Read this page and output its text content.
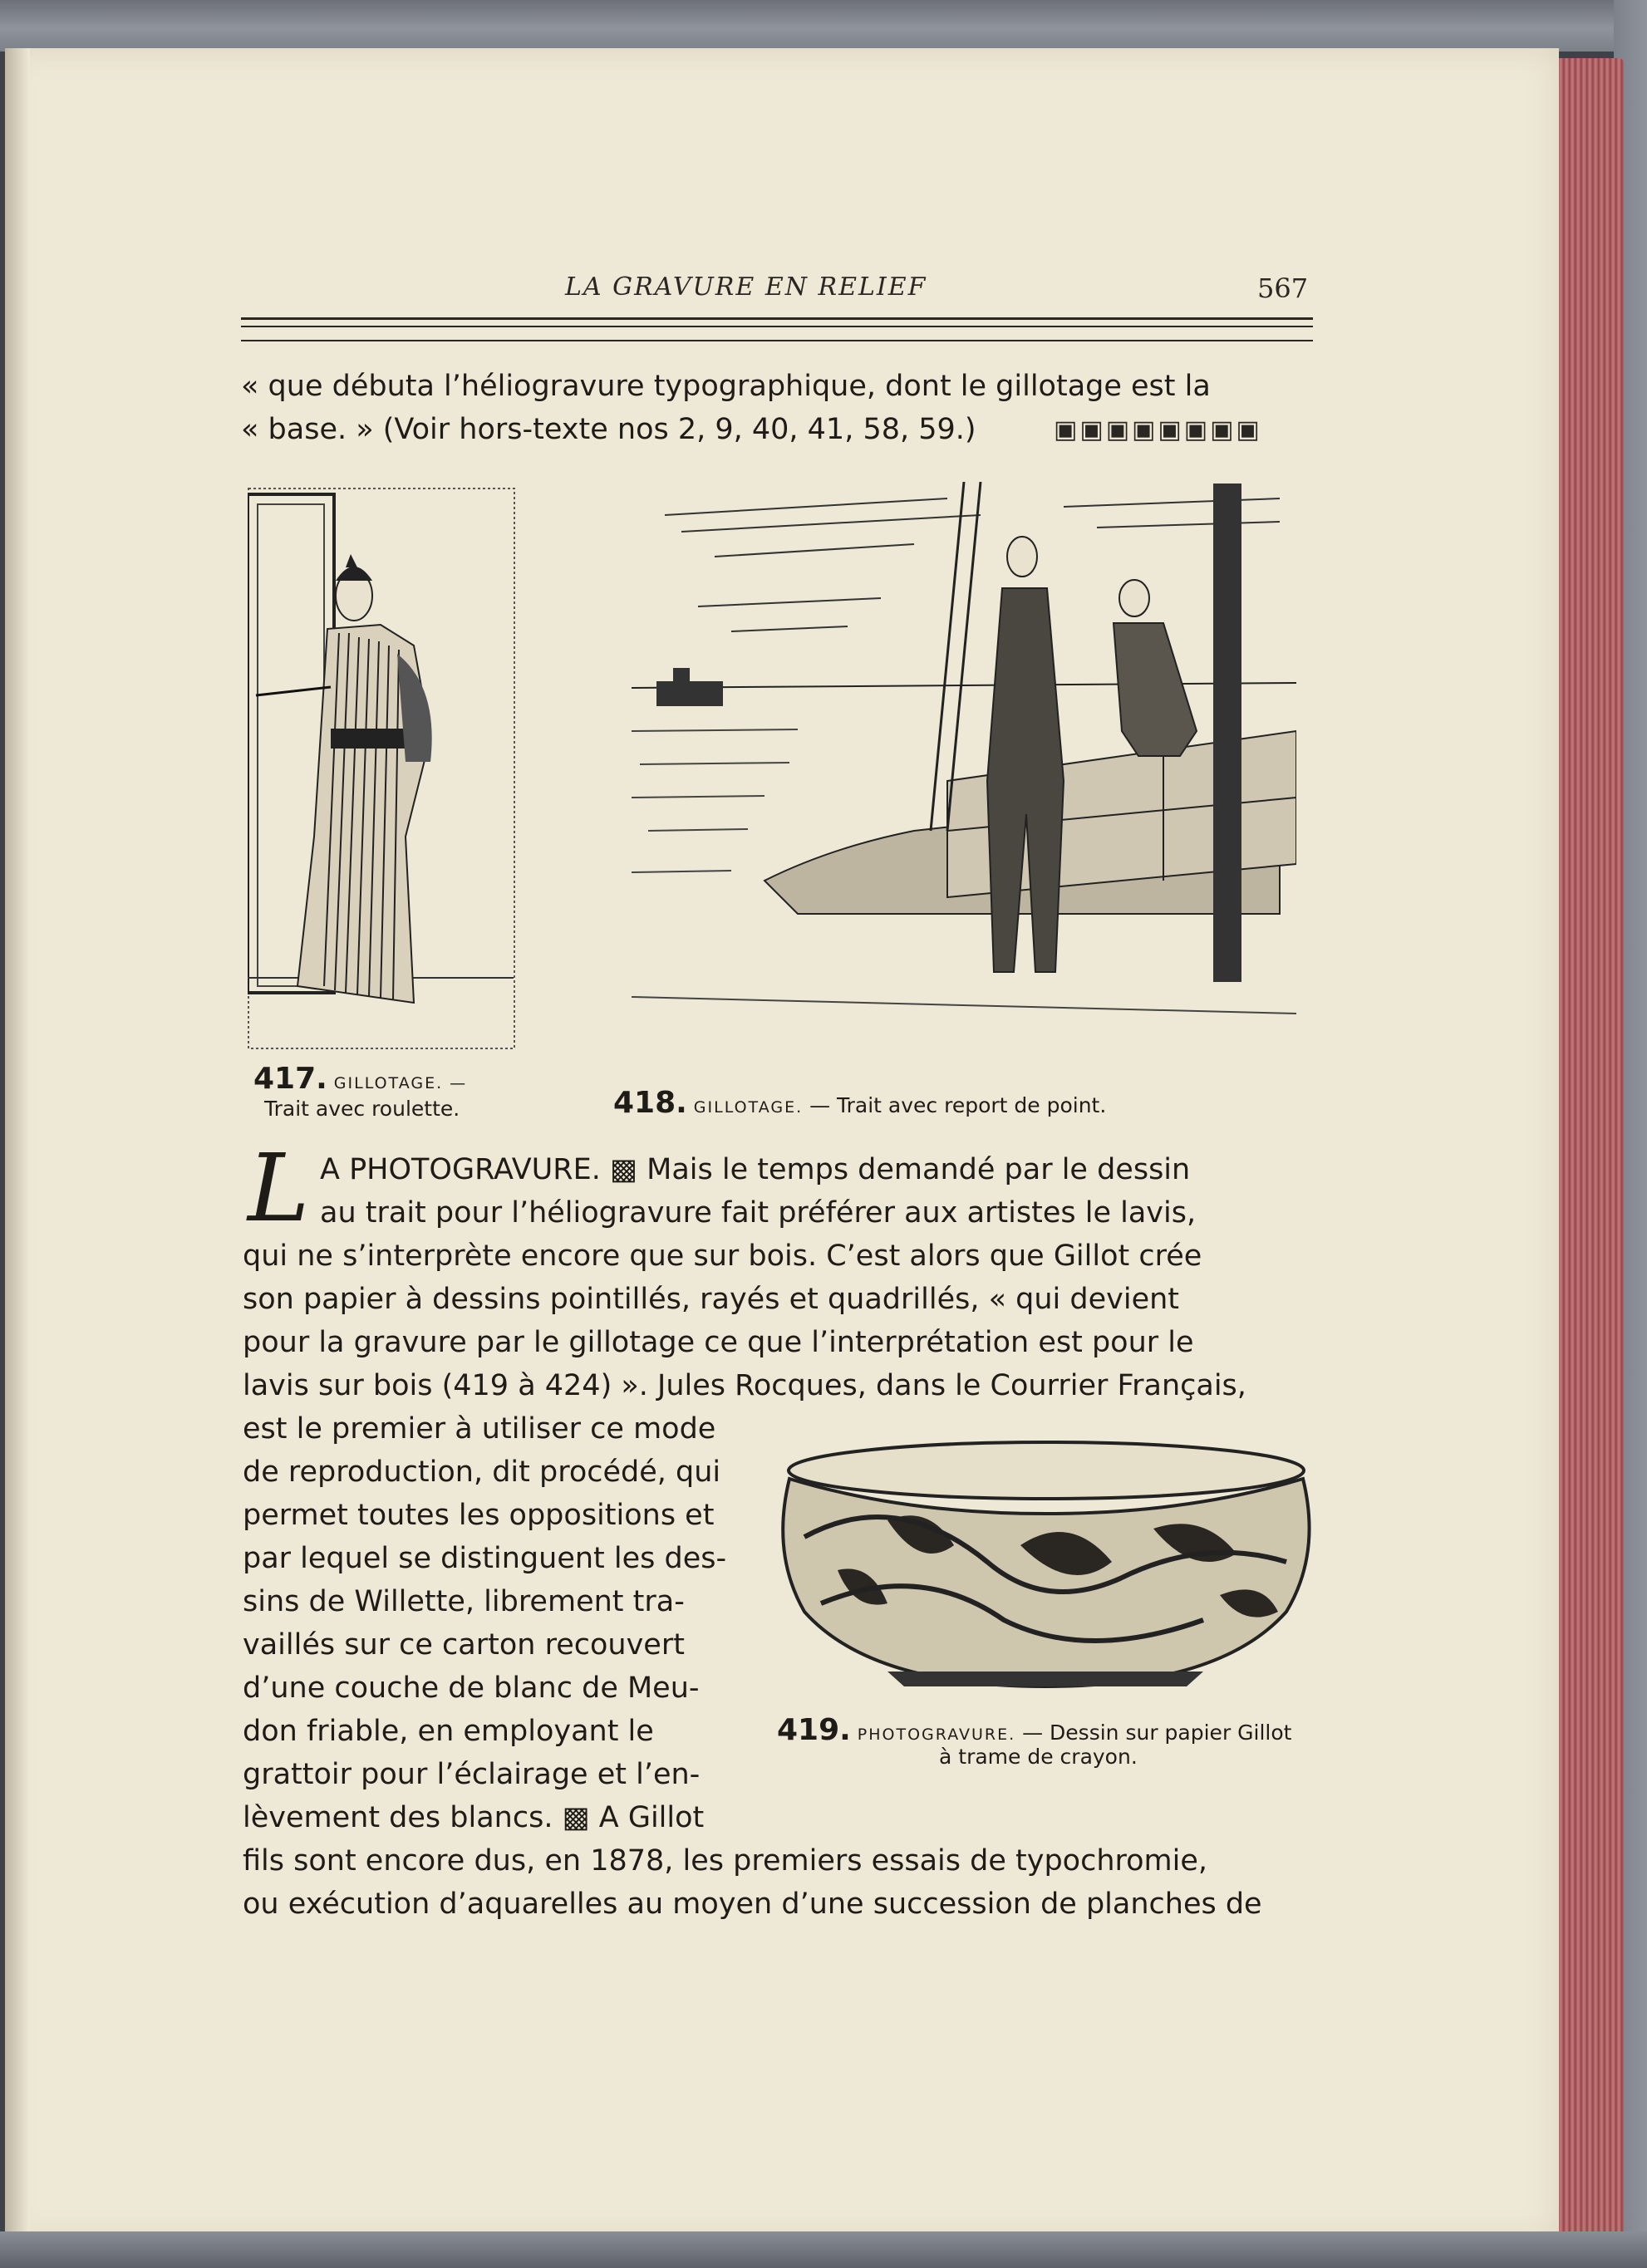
LA GRAVURE EN RELIEF	567
« que débuta l’héliogravure typographique, dont le gillotage est la
« base. » (Voir hors-texte nos 2, 9, 40, 41, 58, 59.)	▣▣▣▣▣▣▣▣
417. GILLOTAGE. —
Trait avec roulette.	418. GILLOTAGE. — Trait avec report de point.
L A PHOTOGRAVURE. ▩ Mais le temps demandé par le dessin
au trait pour l’héliogravure fait préférer aux artistes le lavis,
qui ne s’interprète encore que sur bois. C’est alors que Gillot crée
son papier à dessins pointillés, rayés et quadrillés, « qui devient
pour la gravure par le gillotage ce que l’interprétation est pour le
lavis sur bois (419 à 424) ». Jules Rocques, dans le Courrier Français,
est le premier à utiliser ce mode
de reproduction, dit procédé, qui
permet toutes les oppositions et
par lequel se distinguent les des-
sins de Willette, librement tra-
vaillés sur ce carton recouvert
d’une couche de blanc de Meu-
don friable, en employant le
grattoir pour l’éclairage et l’en-
lèvement des blancs. ▩ A Gillot
419. PHOTOGRAVURE. — Dessin sur papier Gillot
à trame de crayon.
fils sont encore dus, en 1878, les premiers essais de typochromie,
ou exécution d’aquarelles au moyen d’une succession de planches de
